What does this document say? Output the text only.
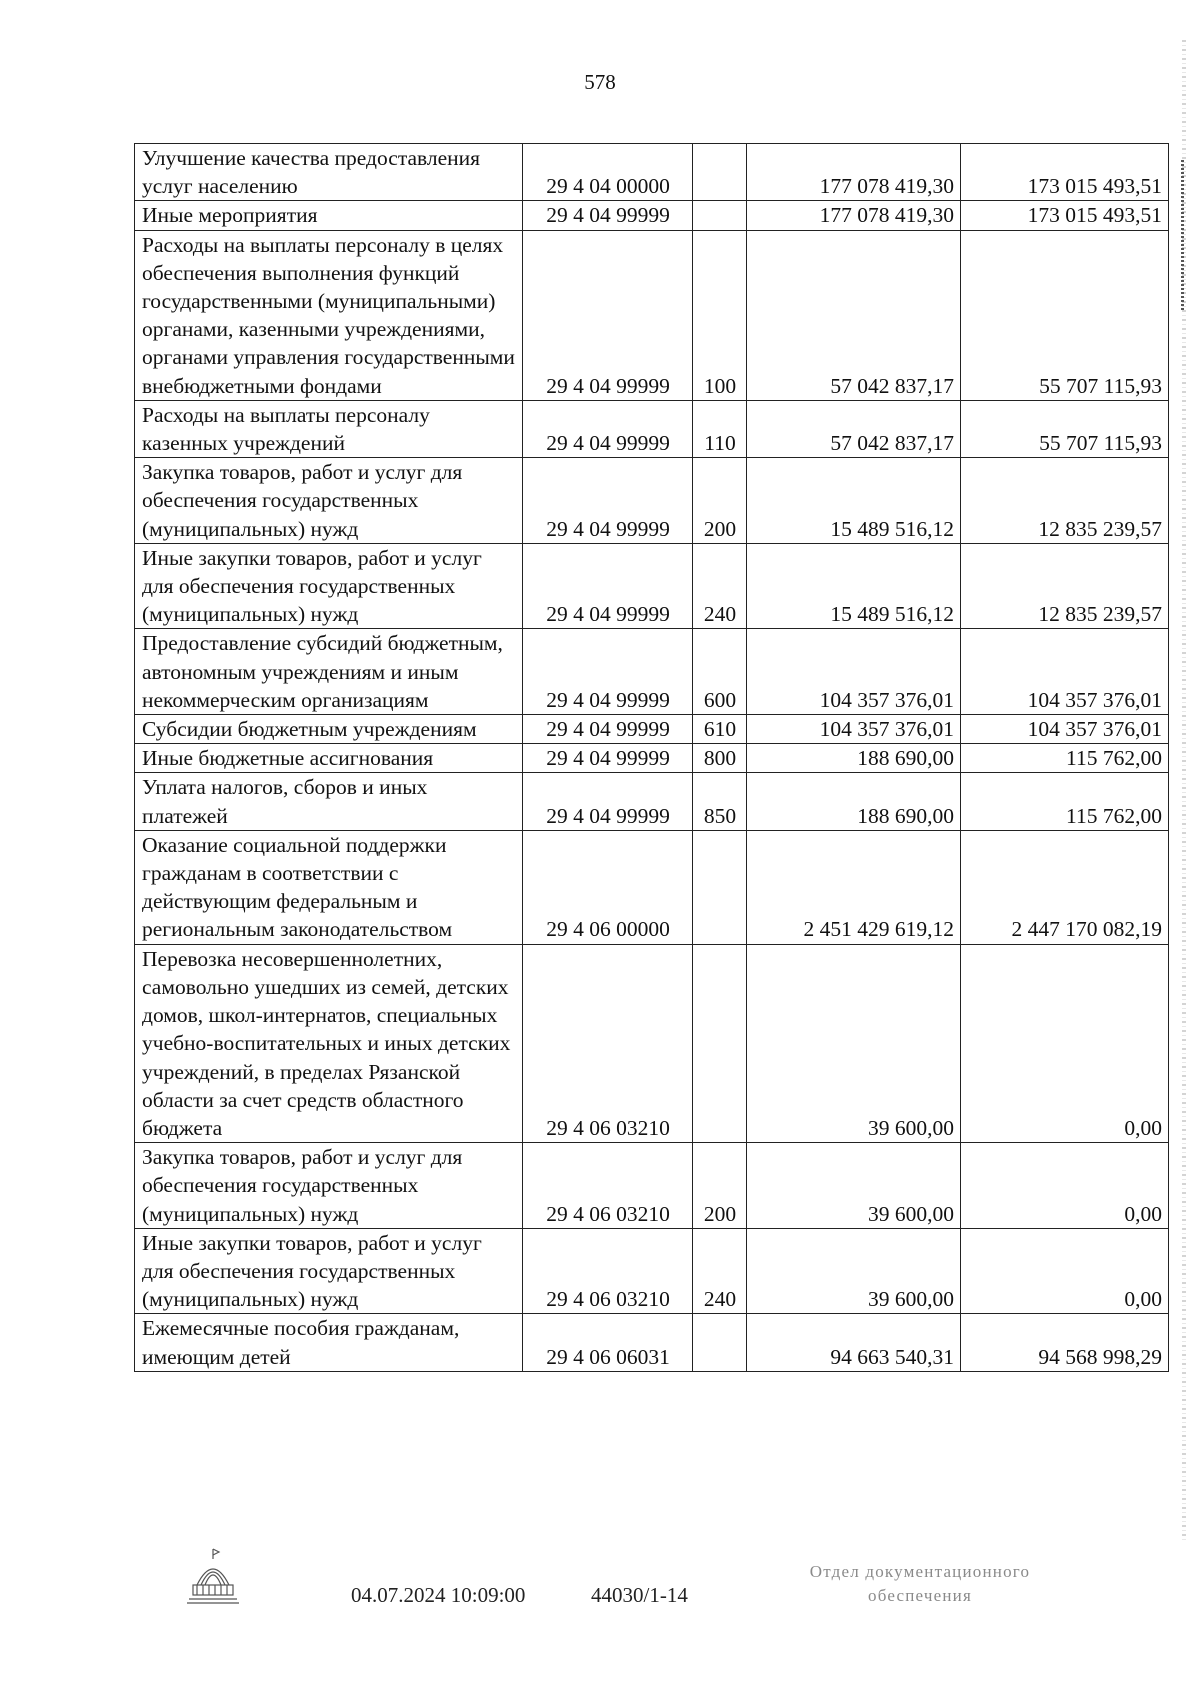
578
Улучшение качества предоставления услуг населению	29 4 04 00000		177 078 419,30	173 015 493,51
Иные мероприятия	29 4 04 99999		177 078 419,30	173 015 493,51
Расходы на выплаты персоналу в целях обеспечения выполнения функций государственными (муниципальными) органами, казенными учреждениями, органами управления государственными внебюджетными фондами	29 4 04 99999	100	57 042 837,17	55 707 115,93
Расходы на выплаты персоналу казенных учреждений	29 4 04 99999	110	57 042 837,17	55 707 115,93
Закупка товаров, работ и услуг для обеспечения государственных (муниципальных) нужд	29 4 04 99999	200	15 489 516,12	12 835 239,57
Иные закупки товаров, работ и услуг для обеспечения государственных (муниципальных) нужд	29 4 04 99999	240	15 489 516,12	12 835 239,57
Предоставление субсидий бюджетным, автономным учреждениям и иным некоммерческим организациям	29 4 04 99999	600	104 357 376,01	104 357 376,01
Субсидии бюджетным учреждениям	29 4 04 99999	610	104 357 376,01	104 357 376,01
Иные бюджетные ассигнования	29 4 04 99999	800	188 690,00	115 762,00
Уплата налогов, сборов и иных платежей	29 4 04 99999	850	188 690,00	115 762,00
Оказание социальной поддержки гражданам в соответствии с действующим федеральным и региональным законодательством	29 4 06 00000		2 451 429 619,12	2 447 170 082,19
Перевозка несовершеннолетних, самовольно ушедших из семей, детских домов, школ-интернатов, специальных учебно-воспитательных и иных детских учреждений, в пределах Рязанской области за счет средств областного бюджета	29 4 06 03210		39 600,00	0,00
Закупка товаров, работ и услуг для обеспечения государственных (муниципальных) нужд	29 4 06 03210	200	39 600,00	0,00
Иные закупки товаров, работ и услуг для обеспечения государственных (муниципальных) нужд	29 4 06 03210	240	39 600,00	0,00
Ежемесячные пособия гражданам, имеющим детей	29 4 06 06031		94 663 540,31	94 568 998,29
04.07.2024 10:09:00	44030/1-14
Отдел документационного
обеспечения
